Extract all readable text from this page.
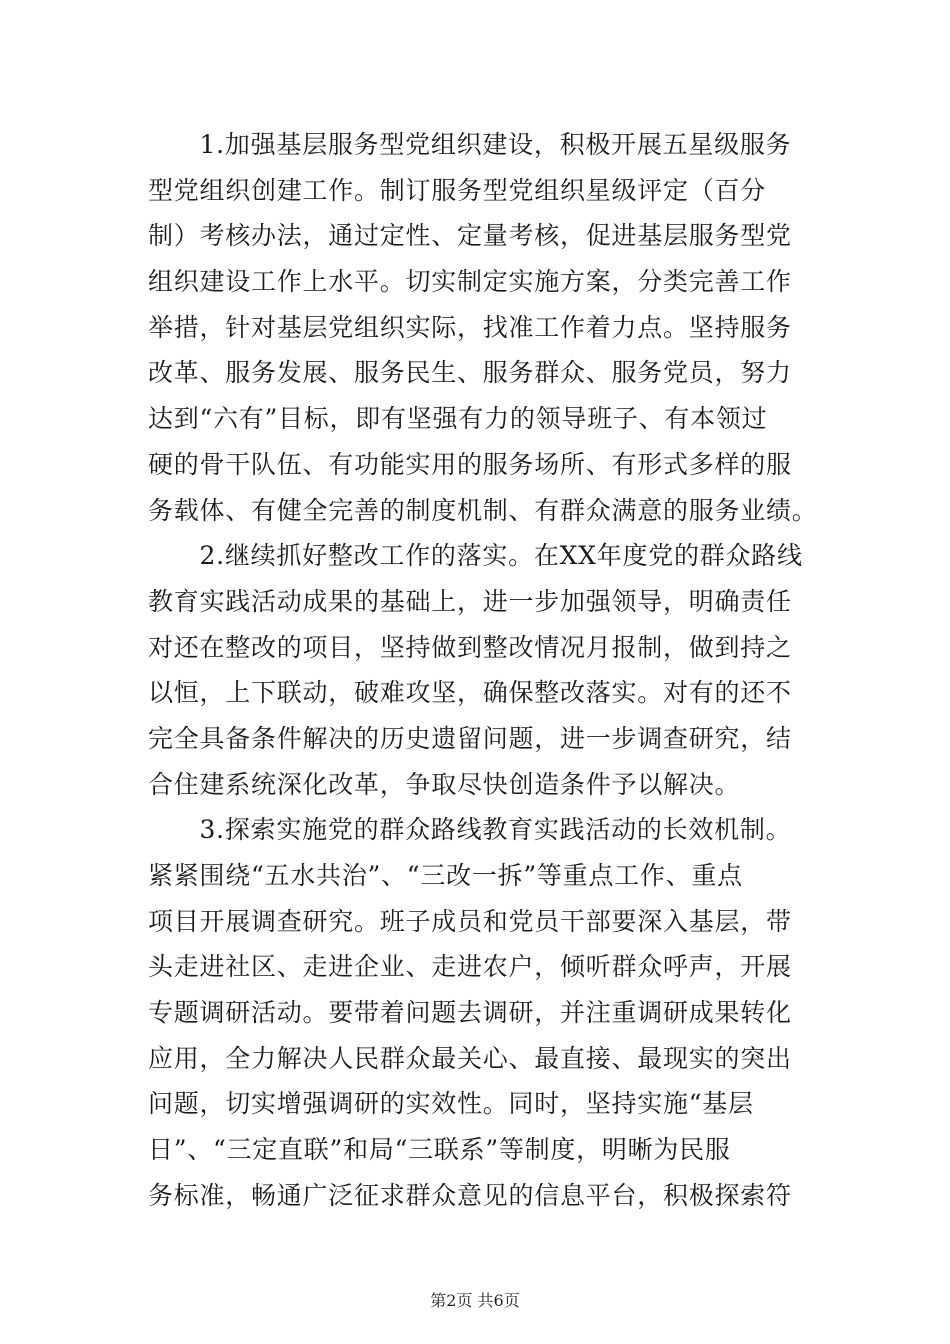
　　1.加强基层服务型党组织建设，积极开展五星级服务
型党组织创建工作。制订服务型党组织星级评定（百分
制）考核办法，通过定性、定量考核，促进基层服务型党
组织建设工作上水平。切实制定实施方案，分类完善工作
举措，针对基层党组织实际，找准工作着力点。坚持服务
改革、服务发展、服务民生、服务群众、服务党员，努力
达到“六有”目标，即有坚强有力的领导班子、有本领过
硬的骨干队伍、有功能实用的服务场所、有形式多样的服
务载体、有健全完善的制度机制、有群众满意的服务业绩。
　　2.继续抓好整改工作的落实。在XX年度党的群众路线
教育实践活动成果的基础上，进一步加强领导，明确责任
对还在整改的项目，坚持做到整改情况月报制，做到持之
以恒，上下联动，破难攻坚，确保整改落实。对有的还不
完全具备条件解决的历史遗留问题，进一步调查研究，结
合住建系统深化改革，争取尽快创造条件予以解决。
　　3.探索实施党的群众路线教育实践活动的长效机制。
紧紧围绕“五水共治”、“三改一拆”等重点工作、重点
项目开展调查研究。班子成员和党员干部要深入基层，带
头走进社区、走进企业、走进农户，倾听群众呼声，开展
专题调研活动。要带着问题去调研，并注重调研成果转化
应用，全力解决人民群众最关心、最直接、最现实的突出
问题，切实增强调研的实效性。同时，坚持实施“基层
日”、“三定直联”和局“三联系”等制度，明晰为民服
务标准，畅通广泛征求群众意见的信息平台，积极探索符
第2页 共6页
